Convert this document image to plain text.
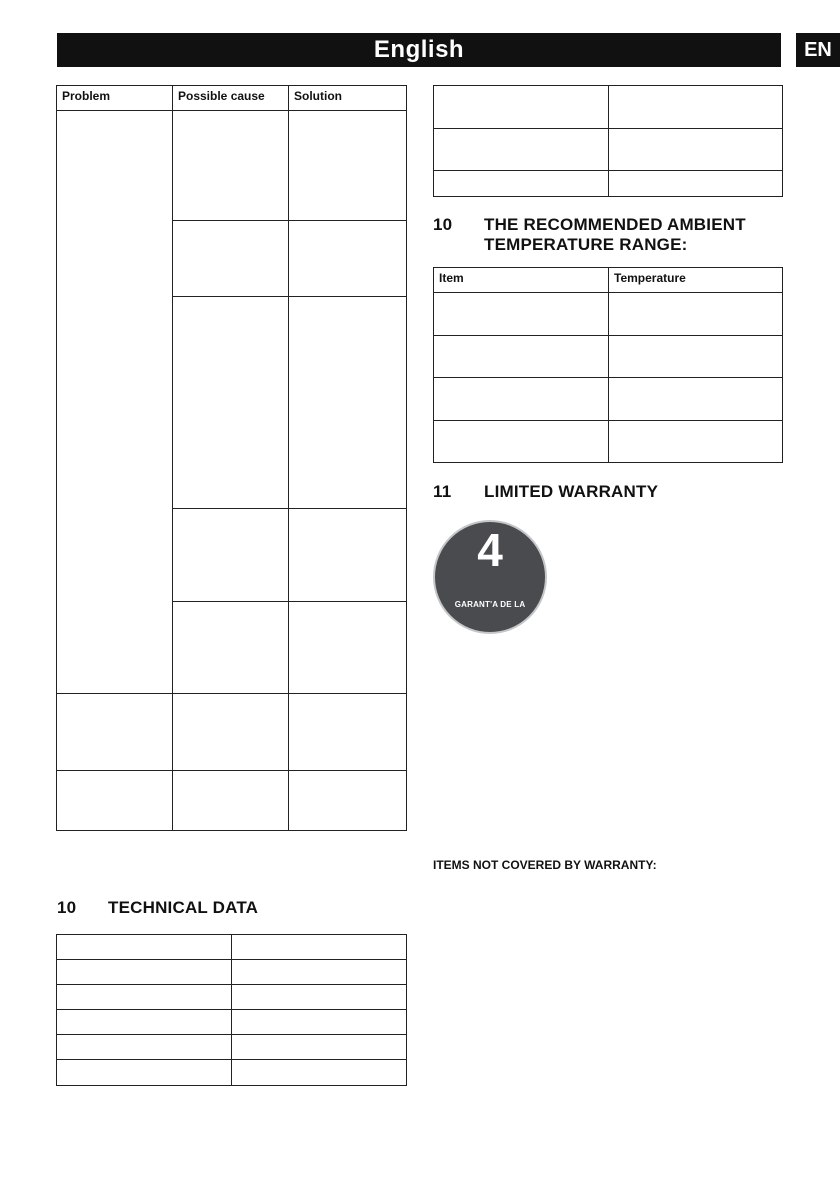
English	EN
Problem	Possible cause	Solution

10 TECHNICAL DATA

10 THE RECOMMENDED AMBIENT
TEMPERATURE RANGE:
Item	Temperature

11 LIMITED WARRANTY
4
GARANT'A DE LA
ITEMS NOT COVERED BY WARRANTY:
